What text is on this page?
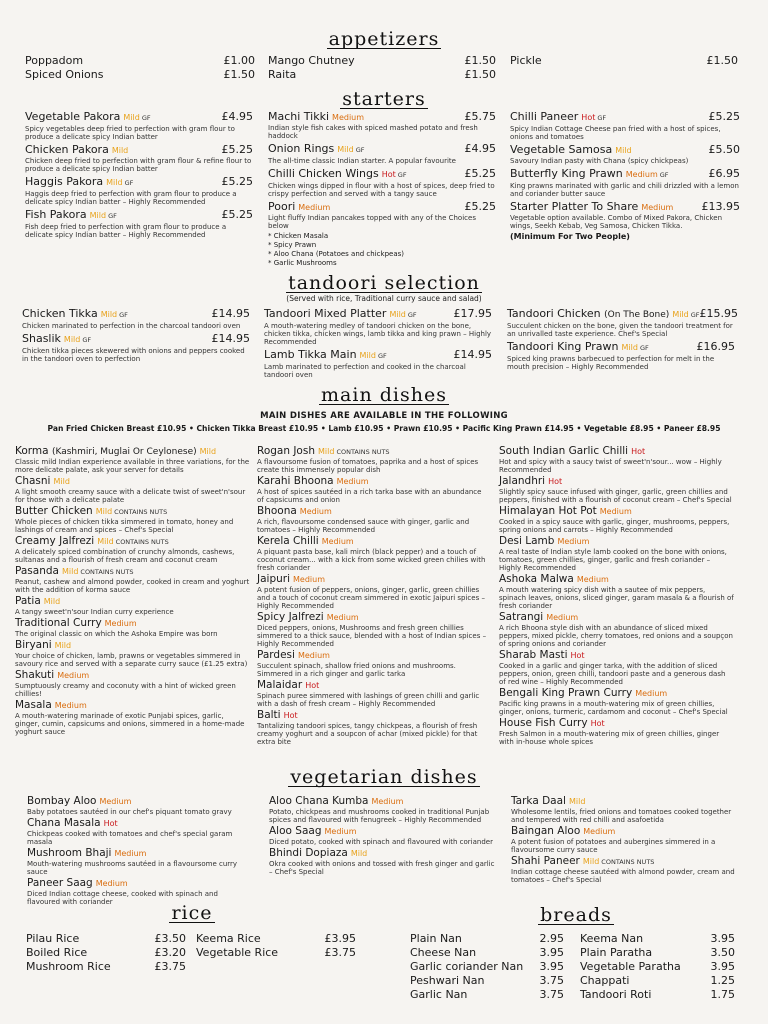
appetizers
Poppadom	£1.00
Spiced Onions	£1.50
Mango Chutney	£1.50
Raita	£1.50
Pickle	£1.50
starters
Vegetable Pakora Mild GF	£4.95
Spicy vegetables deep fried to perfection with gram flour to produce a delicate spicy Indian batter
Chicken Pakora Mild	£5.25
Chicken deep fried to perfection with gram flour & refine flour to produce a delicate spicy Indian batter
Haggis Pakora Mild GF	£5.25
Haggis deep fried to perfection with gram flour to produce a delicate spicy Indian batter – Highly Recommended
Fish Pakora Mild GF	£5.25
Fish deep fried to perfection with gram flour to produce a delicate spicy Indian batter – Highly Recommended
Machi Tikki Medium	£5.75
Indian style fish cakes with spiced mashed potato and fresh haddock
Onion Rings Mild GF	£4.95
The all-time classic Indian starter. A popular favourite
Chilli Chicken Wings Hot GF	£5.25
Chicken wings dipped in flour with a host of spices, deep fried to crispy perfection and served with a tangy sauce
Poori Medium	£5.25
Light fluffy Indian pancakes topped with any of the Choices below
* Chicken Masala
* Spicy Prawn
* Aloo Chana (Potatoes and chickpeas)
* Garlic Mushrooms
Chilli Paneer Hot GF	£5.25
Spicy Indian Cottage Cheese pan fried with a host of spices, onions and tomatoes
Vegetable Samosa Mild	£5.50
Savoury Indian pasty with Chana (spicy chickpeas)
Butterfly King Prawn Medium GF	£6.95
King prawns marinated with garlic and chili drizzled with a lemon and coriander butter sauce
Starter Platter To Share Medium	£13.95
Vegetable option available. Combo of Mixed Pakora, Chicken wings, Seekh Kebab, Veg Samosa, Chicken Tikka.
(Minimum For Two People)
tandoori selection
(Served with rice, Traditional curry sauce and salad)
Chicken Tikka Mild GF	£14.95
Chicken marinated to perfection in the charcoal tandoori oven
Shaslik Mild GF	£14.95
Chicken tikka pieces skewered with onions and peppers cooked in the tandoori oven to perfection
Tandoori Mixed Platter Mild GF	£17.95
A mouth-watering medley of tandoori chicken on the bone, chicken tikka, chicken wings, lamb tikka and king prawn – Highly Recommended
Lamb Tikka Main Mild GF	£14.95
Lamb marinated to perfection and cooked in the charcoal tandoori oven
Tandoori Chicken (On The Bone) Mild GF £15.95
Succulent chicken on the bone, given the tandoori treatment for an unrivalled taste experience. Chef's Special
Tandoori King Prawn Mild GF	£16.95
Spiced king prawns barbecued to perfection for melt in the mouth precision – Highly Recommended
main dishes
MAIN DISHES ARE AVAILABLE IN THE FOLLOWING
Pan Fried Chicken Breast £10.95 • Chicken Tikka Breast £10.95 • Lamb £10.95 • Prawn £10.95 • Pacific King Prawn £14.95 • Vegetable £8.95 • Paneer £8.95
Korma (Kashmiri, Muglai Or Ceylonese) Mild
Classic mild Indian experience available in three variations, for the more delicate palate, ask your server for details
Chasni Mild
A light smooth creamy sauce with a delicate twist of sweet'n'sour for those with a delicate palate
Butter Chicken Mild CONTAINS NUTS
Whole pieces of chicken tikka simmered in tomato, honey and lashings of cream and spices – Chef's Special
Creamy Jalfrezi Mild CONTAINS NUTS
A delicately spiced combination of crunchy almonds, cashews, sultanas and a flourish of fresh cream and coconut cream
Pasanda Mild CONTAINS NUTS
Peanut, cashew and almond powder, cooked in cream and yoghurt with the addition of korma sauce
Patia Mild
A tangy sweet'n'sour Indian curry experience
Traditional Curry Medium
The original classic on which the Ashoka Empire was born
Biryani Mild
Your choice of chicken, lamb, prawns or vegetables simmered in savoury rice and served with a separate curry sauce (£1.25 extra)
Shakuti Medium
Sumptuously creamy and coconuty with a hint of wicked green chillies!
Masala Medium
A mouth-watering marinade of exotic Punjabi spices, garlic, ginger, cumin, capsicums and onions, simmered in a home-made yoghurt sauce
Rogan Josh Mild CONTAINS NUTS
A flavoursome fusion of tomatoes, paprika and a host of spices create this immensely popular dish
Karahi Bhoona Medium
A host of spices sautéed in a rich tarka base with an abundance of capsicums and onion
Bhoona Medium
A rich, flavoursome condensed sauce with ginger, garlic and tomatoes – Highly Recommended
Kerela Chilli Medium
A piquant pasta base, kali mirch (black pepper) and a touch of coconut cream... with a kick from some wicked green chilies with fresh coriander
Jaipuri Medium
A potent fusion of peppers, onions, ginger, garlic, green chillies and a touch of coconut cream simmered in exotic Jaipuri spices – Highly Recommended
Spicy Jalfrezi Medium
Diced peppers, onions, Mushrooms and fresh green chillies simmered to a thick sauce, blended with a host of Indian spices – Highly Recommended
Pardesi Medium
Succulent spinach, shallow fried onions and mushrooms. Simmered in a rich ginger and garlic tarka
Malaidar Hot
Spinach puree simmered with lashings of green chilli and garlic with a dash of fresh cream – Highly Recommended
Balti Hot
Tantalizing tandoori spices, tangy chickpeas, a flourish of fresh creamy yoghurt and a soupcon of achar (mixed pickle) for that extra bite
South Indian Garlic Chilli Hot
Hot and spicy with a saucy twist of sweet'n'sour... wow – Highly Recommended
Jalandhri Hot
Slightly spicy sauce infused with ginger, garlic, green chillies and peppers, finished with a flourish of coconut cream – Chef's Special
Himalayan Hot Pot Medium
Cooked in a spicy sauce with garlic, ginger, mushrooms, peppers, spring onions and carrots – Highly Recommended
Desi Lamb Medium
A real taste of Indian style lamb cooked on the bone with onions, tomatoes, green chillies, ginger, garlic and fresh coriander – Highly Recommended
Ashoka Malwa Medium
A mouth watering spicy dish with a sautee of mix peppers, spinach leaves, onions, sliced ginger, garam masala & a flourish of fresh coriander
Satrangi Medium
A rich Bhoona style dish with an abundance of sliced mixed peppers, mixed pickle, cherry tomatoes, red onions and a soupçon of spring onions and coriander
Sharab Masti Hot
Cooked in a garlic and ginger tarka, with the addition of sliced peppers, onion, green chilli, tandoori paste and a generous dash of red wine – Highly Recommended
Bengali King Prawn Curry Medium
Pacific king prawns in a mouth-watering mix of green chillies, ginger, onions, turmeric, cardamom and coconut – Chef's Special
House Fish Curry Hot
Fresh Salmon in a mouth-watering mix of green chillies, ginger with in-house whole spices
vegetarian dishes
Bombay Aloo Medium
Baby potatoes sautéed in our chef's piquant tomato gravy
Chana Masala Hot
Chickpeas cooked with tomatoes and chef's special garam masala
Mushroom Bhaji Medium
Mouth-watering mushrooms sautéed in a flavoursome curry sauce
Paneer Saag Medium
Diced Indian cottage cheese, cooked with spinach and flavoured with coriander
Aloo Chana Kumba Medium
Potato, chickpeas and mushrooms cooked in traditional Punjab spices and flavoured with fenugreek – Highly Recommended
Aloo Saag Medium
Diced potato, cooked with spinach and flavoured with coriander
Bhindi Dopiaza Mild
Okra cooked with onions and tossed with fresh ginger and garlic – Chef's Special
Tarka Daal Mild
Wholesome lentils, fried onions and tomatoes cooked together and tempered with red chilli and asafoetida
Baingan Aloo Medium
A potent fusion of potatoes and aubergines simmered in a flavoursome curry sauce
Shahi Paneer Mild CONTAINS NUTS
Indian cottage cheese sautéed with almond powder, cream and tomatoes – Chef's Special
rice
Pilau Rice	£3.50
Boiled Rice	£3.20
Mushroom Rice	£3.75
Keema Rice	£3.95
Vegetable Rice	£3.75
breads
Plain Nan	2.95
Cheese Nan	3.95
Garlic coriander Nan 3.95
Peshwari Nan	3.75
Garlic Nan	3.75
Keema Nan	3.95
Plain Paratha	3.50
Vegetable Paratha	3.95
Chappati	1.25
Tandoori Roti	1.75
